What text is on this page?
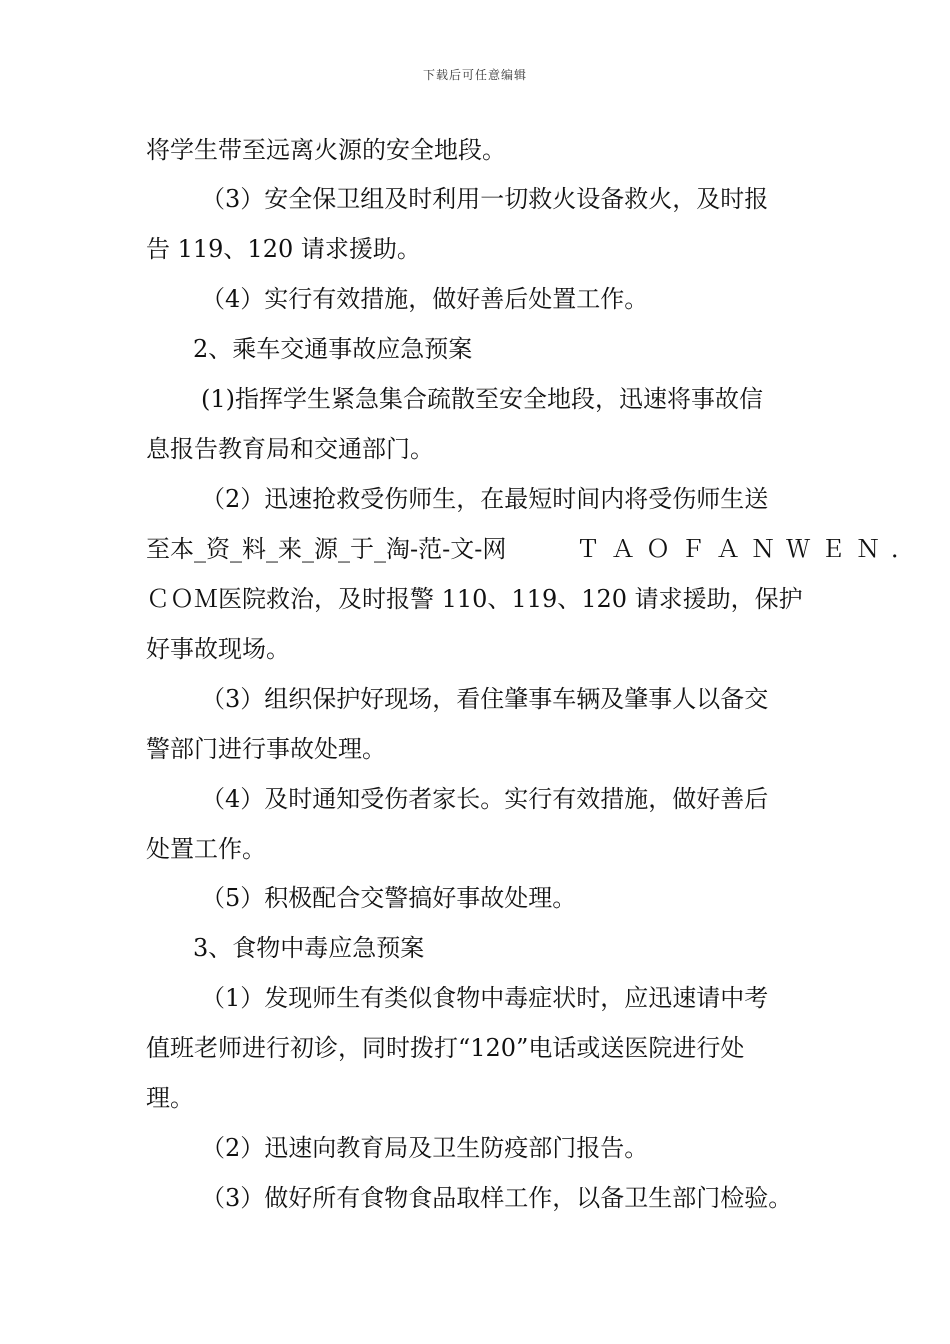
下载后可任意编辑
将学生带至远离火源的安全地段。
（3）安全保卫组及时利用一切救火设备救火，及时报
告 119、120 请求援助。
（4）实行有效措施，做好善后处置工作。
2、乘车交通事故应急预案
(1)指挥学生紧急集合疏散至安全地段，迅速将事故信
息报告教育局和交通部门。
（2）迅速抢救受伤师生，在最短时间内将受伤师生送
至本_资_料_来_源_于_淘-范-文-网	ＴＡＯＦＡＮＷＥＮ．
ＣＯＭ医院救治，及时报警 110、119、120 请求援助，保护
好事故现场。
（3）组织保护好现场，看住肇事车辆及肇事人以备交
警部门进行事故处理。
（4）及时通知受伤者家长。实行有效措施，做好善后
处置工作。
（5）积极配合交警搞好事故处理。
3、食物中毒应急预案
（1）发现师生有类似食物中毒症状时，应迅速请中考
值班老师进行初诊，同时拨打“120”电话或送医院进行处
理。
（2）迅速向教育局及卫生防疫部门报告。
（3）做好所有食物食品取样工作，以备卫生部门检验。
